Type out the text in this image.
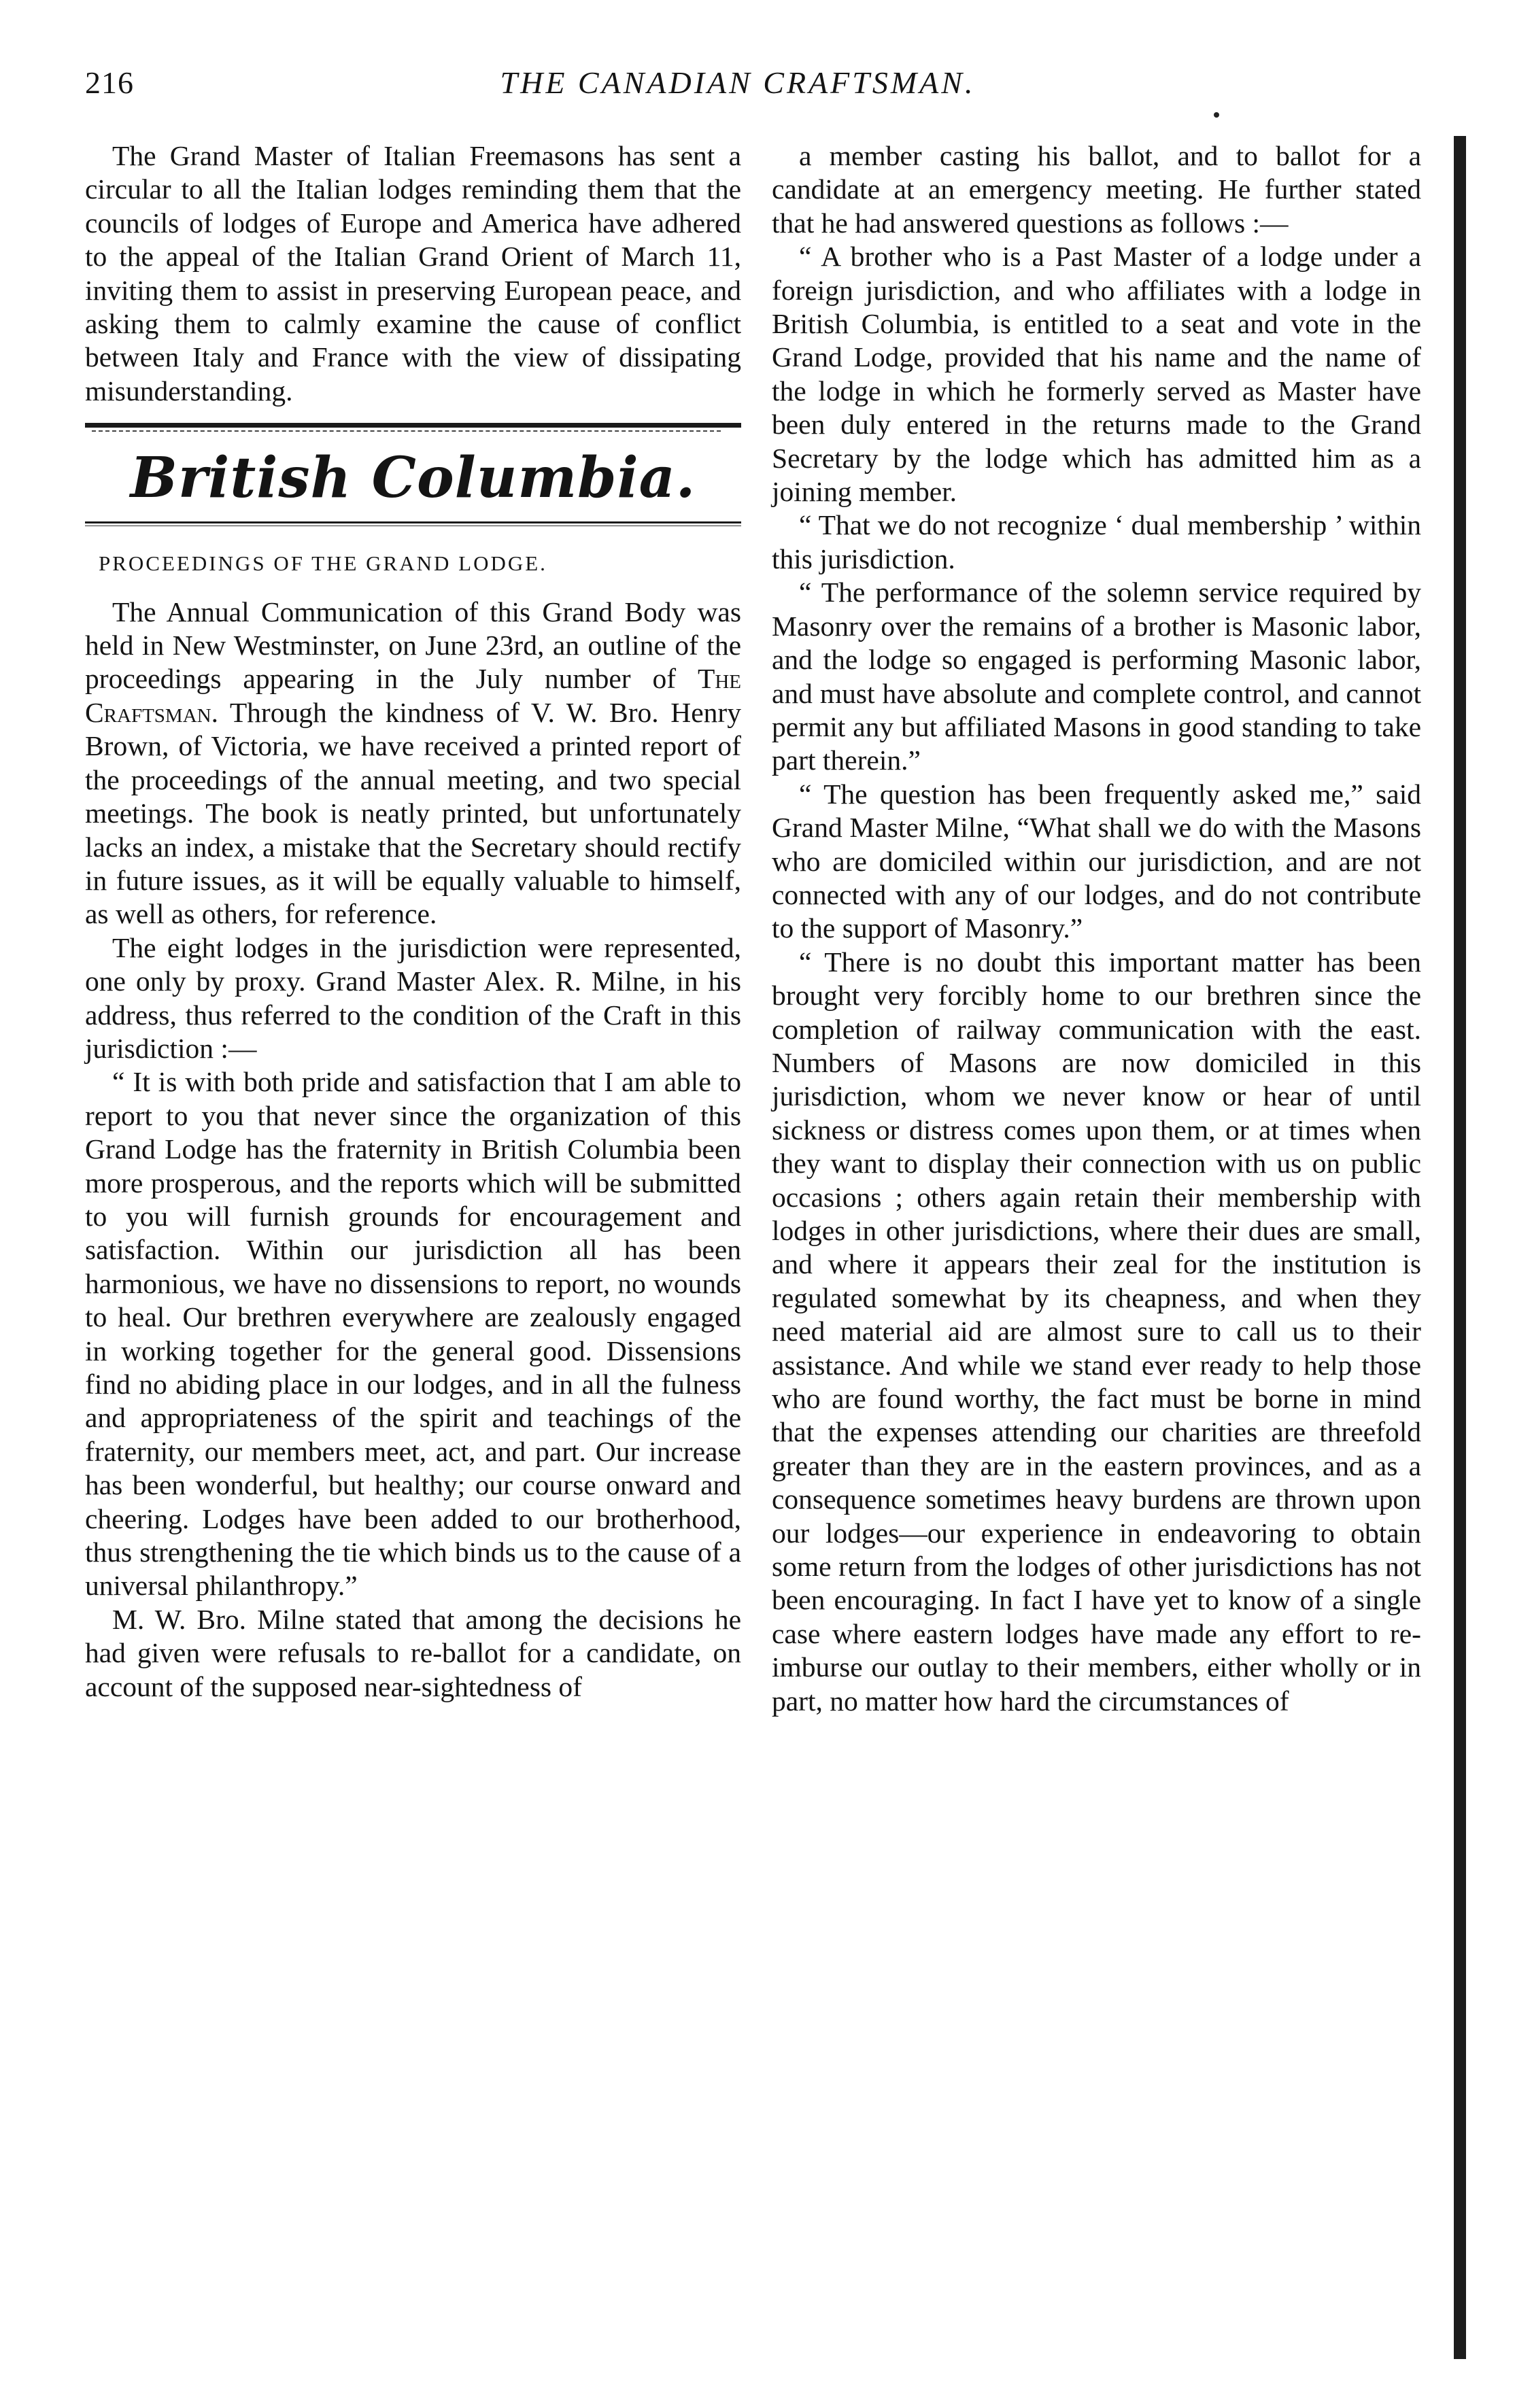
216	THE CANADIAN CRAFTSMAN.

The Grand Master of Italian Freemasons has sent a circular to all the Italian lodges reminding them that the councils of lodges of Europe and America have adhered to the appeal of the Italian Grand Orient of March 11, inviting them to assist in preserving European peace, and asking them to calmly examine the cause of conflict between Italy and France with the view of dissipating misunderstanding.

British Columbia.
PROCEEDINGS OF THE GRAND LODGE.

The Annual Communication of this Grand Body was held in New Westminster, on June 23rd, an outline of the proceedings appearing in the July number of The Craftsman. Through the kindness of V. W. Bro. Henry Brown, of Victoria, we have received a printed report of the proceedings of the annual meeting, and two special meetings. The book is neatly printed, but unfortunately lacks an index, a mistake that the Secretary should rectify in future issues, as it will be equally valuable to himself, as well as others, for reference.

The eight lodges in the jurisdiction were represented, one only by proxy. Grand Master Alex. R. Milne, in his address, thus referred to the condition of the Craft in this jurisdiction :—

“ It is with both pride and satisfaction that I am able to report to you that never since the organization of this Grand Lodge has the fraternity in British Columbia been more prosperous, and the reports which will be submitted to you will furnish grounds for encouragement and satisfaction. Within our jurisdiction all has been harmonious, we have no dissensions to report, no wounds to heal. Our brethren everywhere are zealously engaged in working together for the general good. Dissensions find no abiding place in our lodges, and in all the fulness and appropriateness of the spirit and teachings of the fraternity, our members meet, act, and part. Our increase has been wonderful, but healthy; our course onward and cheering. Lodges have been added to our brotherhood, thus strengthening the tie which binds us to the cause of a universal philanthropy.”

M. W. Bro. Milne stated that among the decisions he had given were refusals to re-ballot for a candidate, on account of the supposed near-sightedness of

a member casting his ballot, and to ballot for a candidate at an emergency meeting. He further stated that he had answered questions as follows :—

“ A brother who is a Past Master of a lodge under a foreign jurisdiction, and who affiliates with a lodge in British Columbia, is entitled to a seat and vote in the Grand Lodge, provided that his name and the name of the lodge in which he formerly served as Master have been duly entered in the returns made to the Grand Secretary by the lodge which has admitted him as a joining member.

“ That we do not recognize ‘ dual membership ’ within this jurisdiction.

“ The performance of the solemn service required by Masonry over the remains of a brother is Masonic labor, and the lodge so engaged is performing Masonic labor, and must have absolute and complete control, and cannot permit any but affiliated Masons in good standing to take part therein.”

“ The question has been frequently asked me,” said Grand Master Milne, “What shall we do with the Masons who are domiciled within our jurisdiction, and are not connected with any of our lodges, and do not contribute to the support of Masonry.”

“ There is no doubt this important matter has been brought very forcibly home to our brethren since the completion of railway communication with the east. Numbers of Masons are now domiciled in this jurisdiction, whom we never know or hear of until sickness or distress comes upon them, or at times when they want to display their connection with us on public occasions ; others again retain their membership with lodges in other jurisdictions, where their dues are small, and where it appears their zeal for the institution is regulated somewhat by its cheapness, and when they need material aid are almost sure to call us to their assistance. And while we stand ever ready to help those who are found worthy, the fact must be borne in mind that the expenses attending our charities are threefold greater than they are in the eastern provinces, and as a consequence sometimes heavy burdens are thrown upon our lodges—our experience in endeavoring to obtain some return from the lodges of other jurisdictions has not been encouraging. In fact I have yet to know of a single case where eastern lodges have made any effort to re-imburse our outlay to their members, either wholly or in part, no matter how hard the circumstances of
